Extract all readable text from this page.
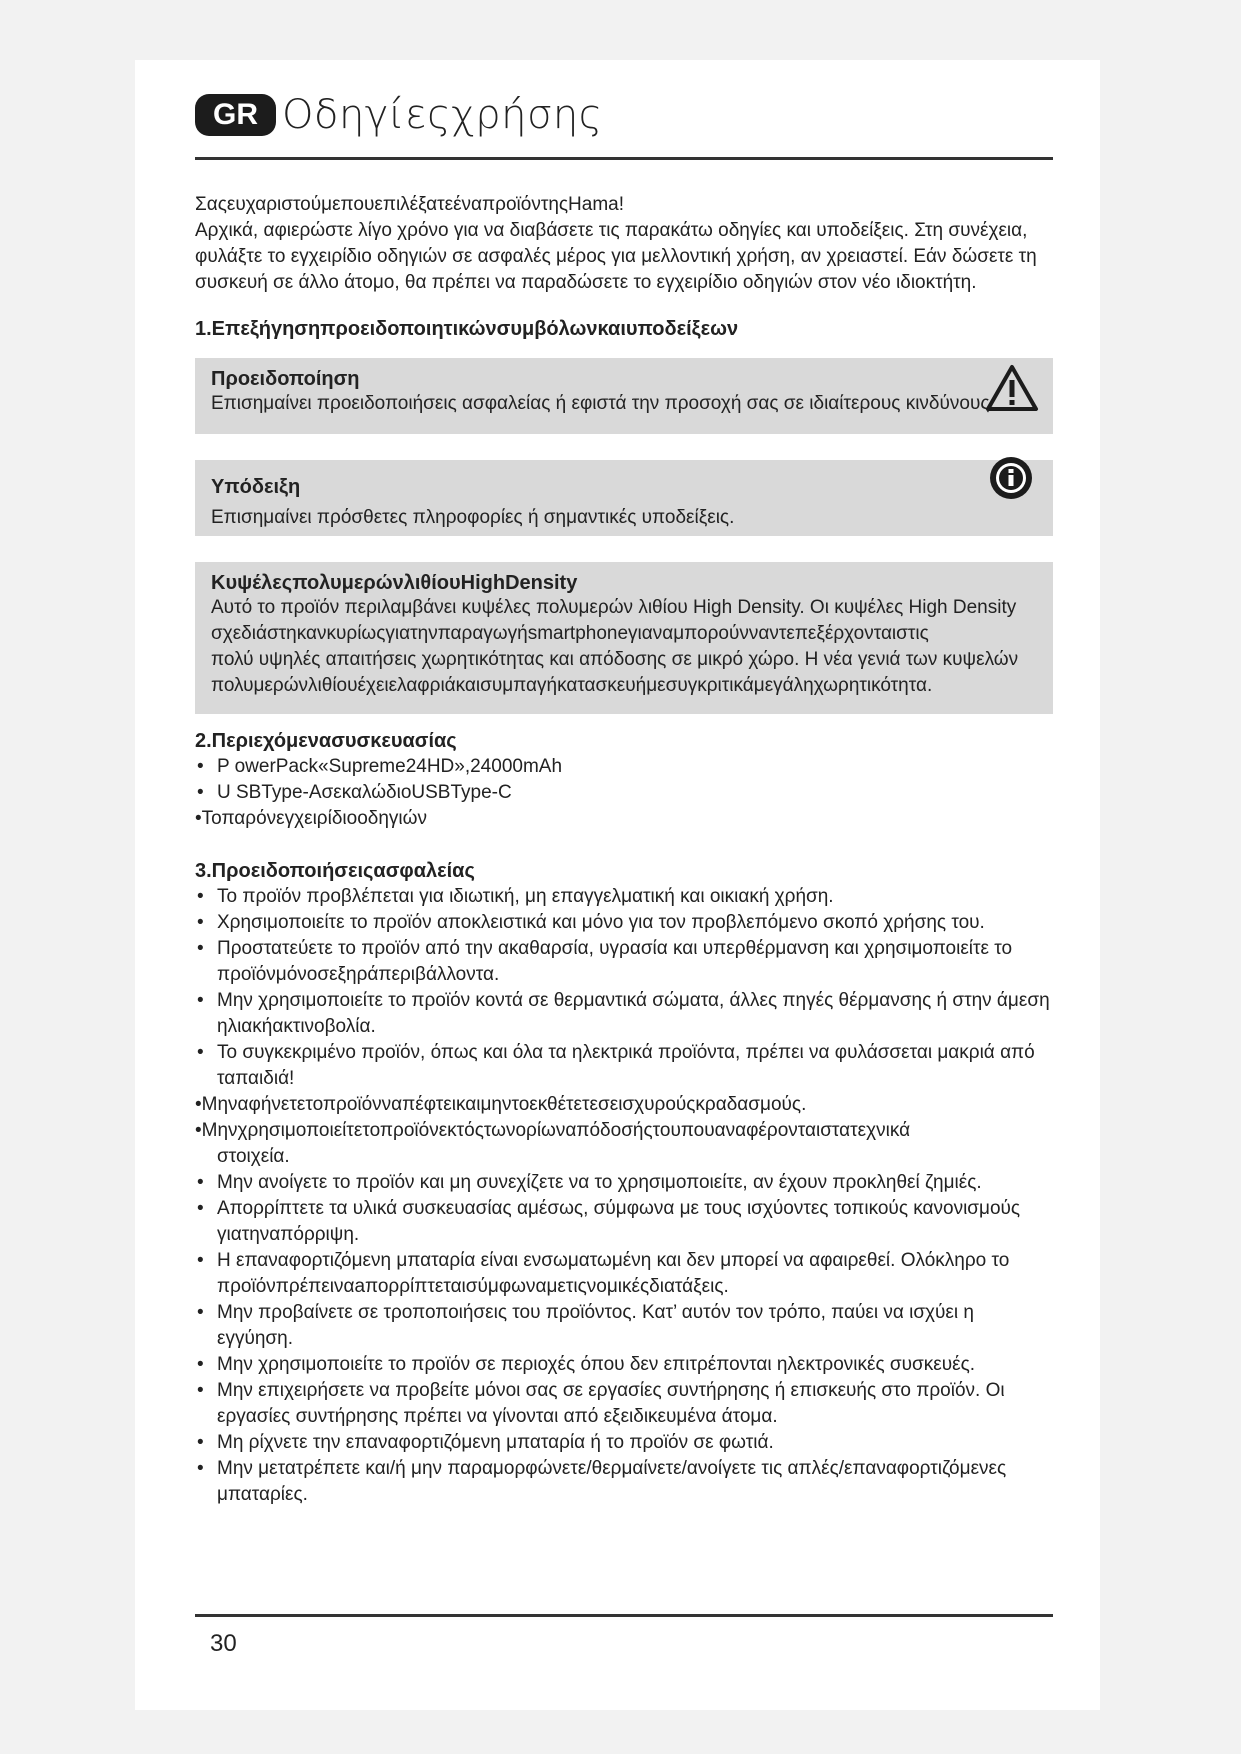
GR Οδηγίεςχρήσης

ΣαςευχαριστούμεπουεπιλέξατεέναπροϊόντηςHama!

Αρχικά, αφιερώστε λίγο χρόνο για να διαβάσετε τις παρακάτω οδηγίες και υποδείξεις. Στη συνέχεια, φυλάξτε το εγχειρίδιο οδηγιών σε ασφαλές μέρος για μελλοντική χρήση, αν χρειαστεί. Εάν δώσετε τη συσκευή σε άλλο άτομο, θα πρέπει να παραδώσετε το εγχειρίδιο οδηγιών στον νέο ιδιοκτήτη.

1.Επεξήγησηπροειδοποιητικώνσυμβόλωνκαιυποδείξεων

Προειδοποίηση

Επισημαίνει προειδοποιήσεις ασφαλείας ή εφιστά την προσοχή σας σε ιδιαίτερους κινδύνους.

Υπόδειξη

Επισημαίνει πρόσθετες πληροφορίες ή σημαντικές υποδείξεις.

ΚυψέλεςπολυμερώνλιθίουHighDensity

Αυτό το προϊόν περιλαμβάνει κυψέλες πολυμερών λιθίου High Density. Οι κυψέλες High Density

σχεδιάστηκανκυρίωςγιατηνπαραγωγήsmartphoneγιαναμπορούνναντεπεξέρχονταιστις

πολύ υψηλές απαιτήσεις χωρητικότητας και απόδοσης σε μικρό χώρο. Η νέα γενιά των κυψελών

πολυμερώνλιθίουέχειελαφριάκαισυμπαγήκατασκευήμεσυγκριτικάμεγάληχωρητικότητα.

2.Περιεχόμενασυσκευασίας

• P owerPack«Supreme24HD»,24000mAh
• U SBType-ΑσεκαλώδιοUSBType-C

•Τοπαρόνεγχειρίδιοοδηγιών

3.Προειδοποιήσειςασφαλείας

• Το προϊόν προβλέπεται για ιδιωτική, μη επαγγελματική και οικιακή χρήση.
• Χρησιμοποιείτε το προϊόν αποκλειστικά και μόνο για τον προβλεπόμενο σκοπό χρήσης του.
• Προστατεύετε το προϊόν από την ακαθαρσία, υγρασία και υπερθέρμανση και χρησιμοποιείτε το προϊόνμόνοσεξηράπεριβάλλοντα.
• Μην χρησιμοποιείτε το προϊόν κοντά σε θερμαντικά σώματα, άλλες πηγές θέρμανσης ή στην άμεση ηλιακήακτινοβολία.
• Το συγκεκριμένο προϊόν, όπως και όλα τα ηλεκτρικά προϊόντα, πρέπει να φυλάσσεται μακριά από ταπαιδιά!

•Μηναφήνετετοπροϊόνναπέφτεικαιμηντοεκθέτετεσεισχυρούςκραδασμούς.

•Μηνχρησιμοποιείτετοπροϊόνεκτόςτωνορίωναπόδοσήςτουπουαναφέρονταιστατεχνικά

στοιχεία.

• Μην ανοίγετε το προϊόν και μη συνεχίζετε να το χρησιμοποιείτε, αν έχουν προκληθεί ζημιές.
• Απορρίπτετε τα υλικά συσκευασίας αμέσως, σύμφωνα με τους ισχύοντες τοπικούς κανονισμούς γιατηναπόρριψη.
• Η επαναφορτιζόμενη μπαταρία είναι ενσωματωμένη και δεν μπορεί να αφαιρεθεί. Ολόκληρο το προϊόνπρέπειναaπορρίπτεταισύμφωναμετιςνομικέςδιατάξεις.
• Μην προβαίνετε σε τροποποιήσεις του προϊόντος. Κατ’ αυτόν τον τρόπο, παύει να ισχύει η εγγύηση.
• Μην χρησιμοποιείτε το προϊόν σε περιοχές όπου δεν επιτρέπονται ηλεκτρονικές συσκευές.
• Μην επιχειρήσετε να προβείτε μόνοι σας σε εργασίες συντήρησης ή επισκευής στο προϊόν. Οι εργασίες συντήρησης πρέπει να γίνονται από εξειδικευμένα άτομα.
• Μη ρίχνετε την επαναφορτιζόμενη μπαταρία ή το προϊόν σε φωτιά.
• Μην μετατρέπετε και/ή μην παραμορφώνετε/θερμαίνετε/ανοίγετε τις απλές/επαναφορτιζόμενες μπαταρίες.
30
